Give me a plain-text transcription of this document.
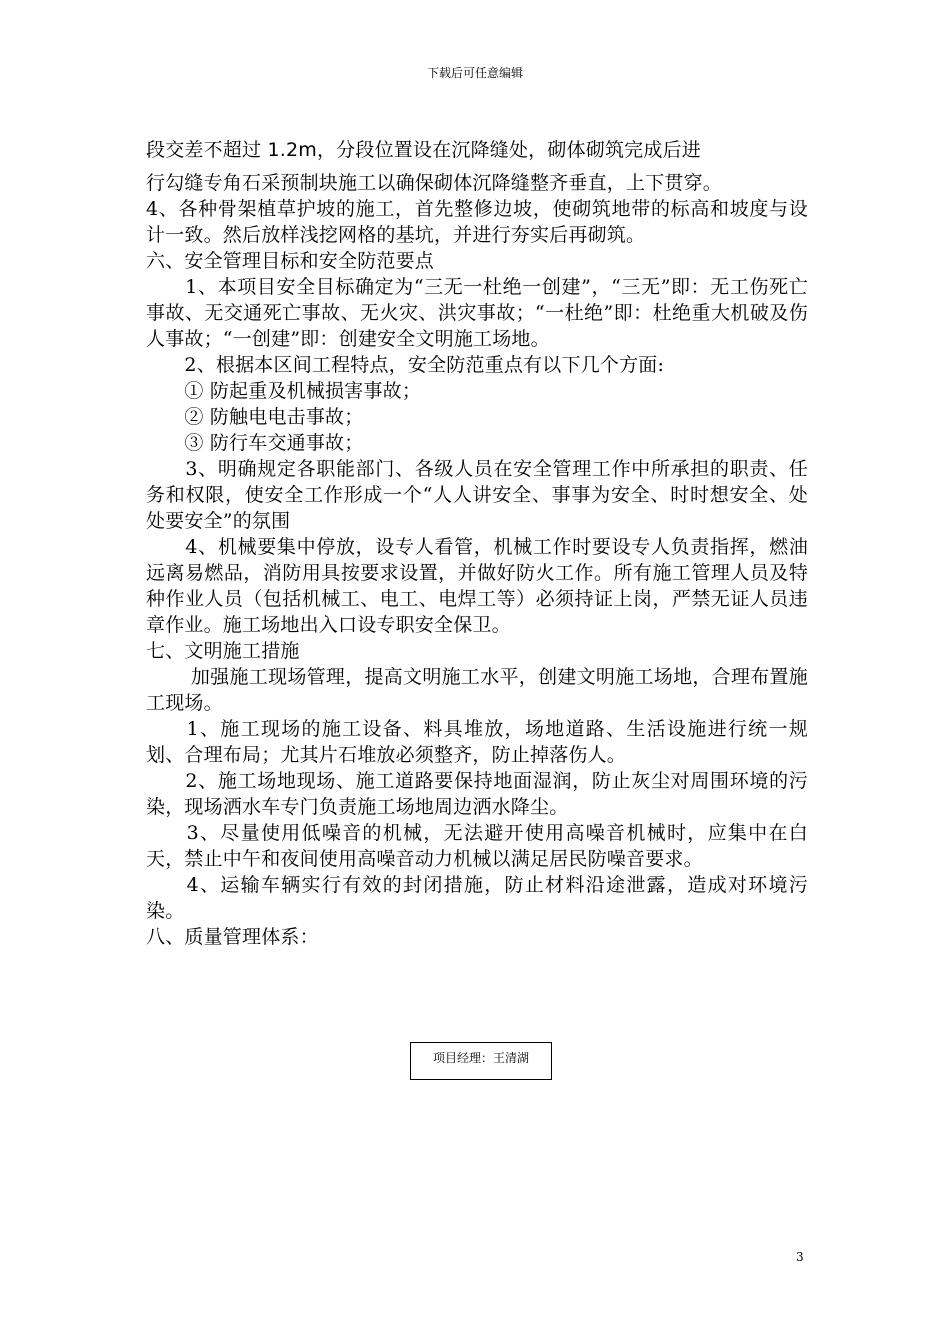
下载后可任意编辑

段交差不超过 1.2m，分段位置设在沉降缝处，砌体砌筑完成后进

行勾缝专角石采预制块施工以确保砌体沉降缝整齐垂直，上下贯穿。

4、各种骨架植草护坡的施工，首先整修边坡，使砌筑地带的标高和坡度与设计一致。然后放样浅挖网格的基坑，并进行夯实后再砌筑。

六、安全管理目标和安全防范要点

　　1、本项目安全目标确定为“三无一杜绝一创建”，“三无”即：无工伤死亡事故、无交通死亡事故、无火灾、洪灾事故；“一杜绝”即：杜绝重大机破及伤人事故；“一创建”即：创建安全文明施工场地。

　　2、根据本区间工程特点，安全防范重点有以下几个方面:

　　① 防起重及机械损害事故；

　　② 防触电电击事故；

　　③ 防行车交通事故；

　　3、明确规定各职能部门、各级人员在安全管理工作中所承担的职责、任务和权限，使安全工作形成一个“人人讲安全、事事为安全、时时想安全、处处要安全”的氛围

　　4、机械要集中停放，设专人看管，机械工作时要设专人负责指挥，燃油远离易燃品，消防用具按要求设置，并做好防火工作。所有施工管理人员及特种作业人员（包括机械工、电工、电焊工等）必须持证上岗，严禁无证人员违章作业。施工场地出入口设专职安全保卫。

七、文明施工措施

　　 加强施工现场管理，提高文明施工水平，创建文明施工场地，合理布置施工现场。

　　1、施工现场的施工设备、料具堆放，场地道路、生活设施进行统一规划、合理布局；尤其片石堆放必须整齐，防止掉落伤人。

　　2、施工场地现场、施工道路要保持地面湿润，防止灰尘对周围环境的污染，现场洒水车专门负责施工场地周边洒水降尘。

　　3、尽量使用低噪音的机械，无法避开使用高噪音机械时，应集中在白天，禁止中午和夜间使用高噪音动力机械以满足居民防噪音要求。

　　4、运输车辆实行有效的封闭措施，防止材料沿途泄露，造成对环境污染。

八、质量管理体系：

项目经理：王清湖
3
